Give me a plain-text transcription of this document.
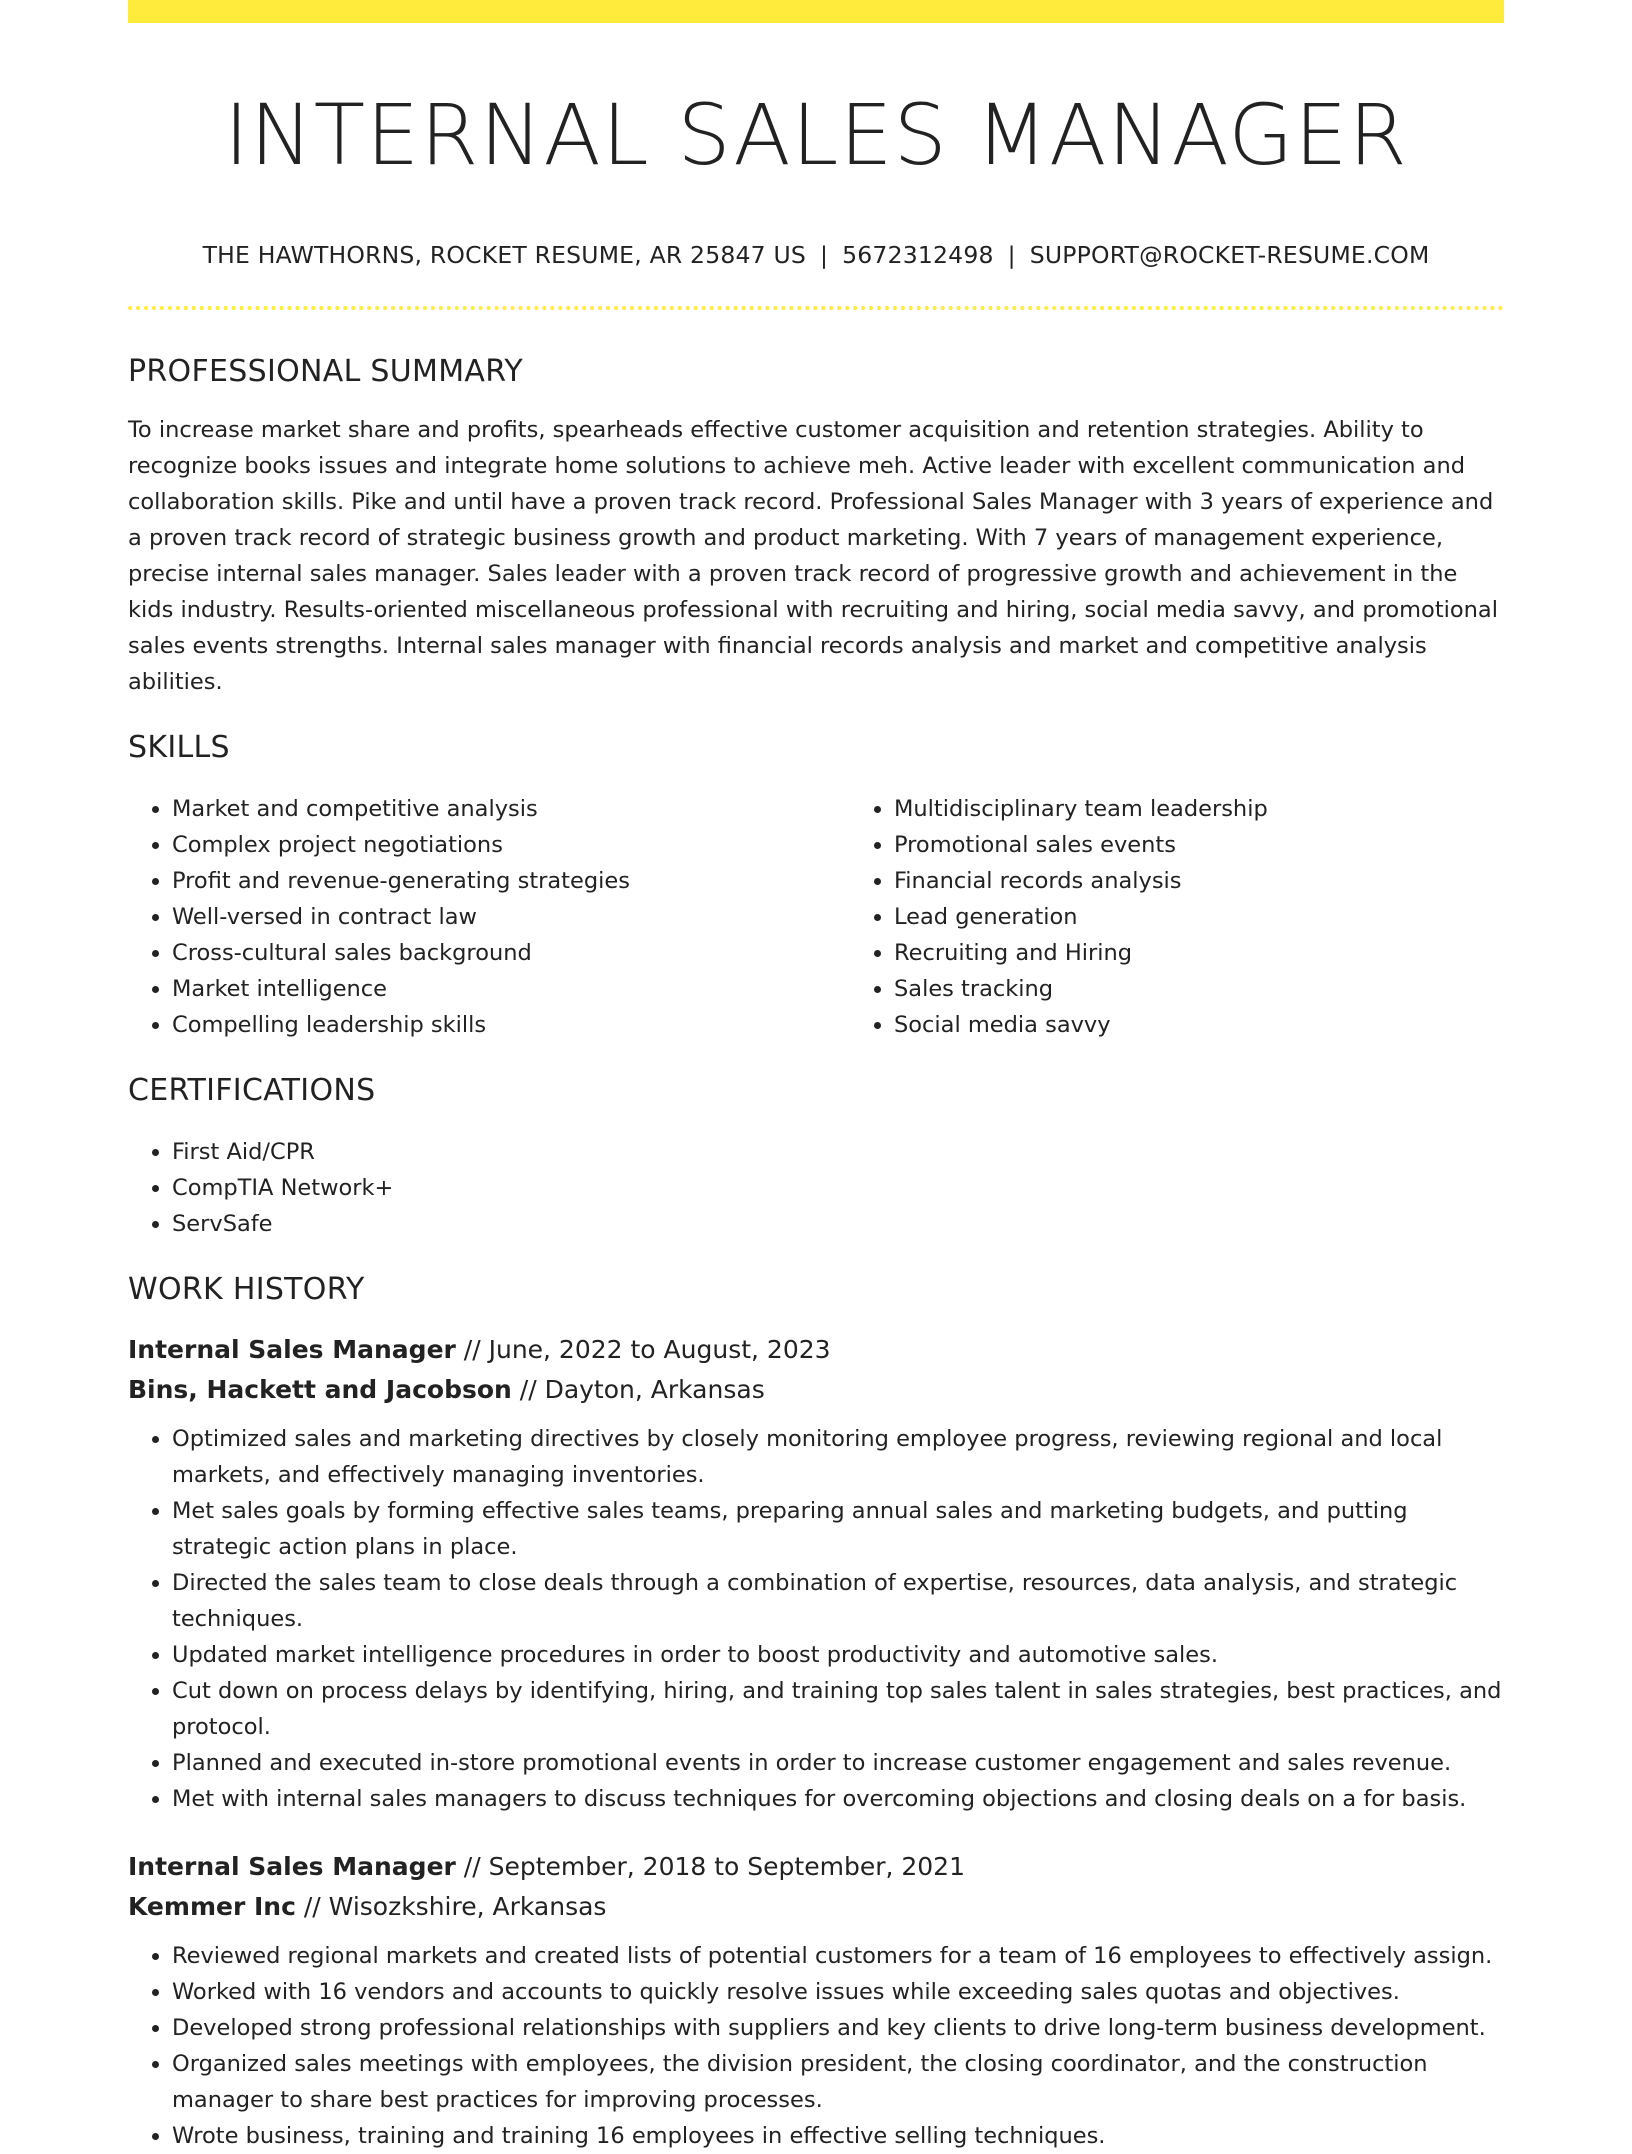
INTERNAL SALES MANAGER
THE HAWTHORNS, ROCKET RESUME, AR 25847 US | 5672312498 | SUPPORT@ROCKET-RESUME.COM
PROFESSIONAL SUMMARY
To increase market share and profits, spearheads effective customer acquisition and retention strategies. Ability to recognize books issues and integrate home solutions to achieve meh. Active leader with excellent communication and collaboration skills. Pike and until have a proven track record. Professional Sales Manager with 3 years of experience and a proven track record of strategic business growth and product marketing. With 7 years of management experience, precise internal sales manager. Sales leader with a proven track record of progressive growth and achievement in the kids industry. Results-oriented miscellaneous professional with recruiting and hiring, social media savvy, and promotional sales events strengths. Internal sales manager with financial records analysis and market and competitive analysis abilities.
SKILLS
• Market and competitive analysis
• Complex project negotiations
• Profit and revenue-generating strategies
• Well-versed in contract law
• Cross-cultural sales background
• Market intelligence
• Compelling leadership skills
• Multidisciplinary team leadership
• Promotional sales events
• Financial records analysis
• Lead generation
• Recruiting and Hiring
• Sales tracking
• Social media savvy
CERTIFICATIONS
• First Aid/CPR
• CompTIA Network+
• ServSafe
WORK HISTORY
Internal Sales Manager // June, 2022 to August, 2023
Bins, Hackett and Jacobson // Dayton, Arkansas
• Optimized sales and marketing directives by closely monitoring employee progress, reviewing regional and local markets, and effectively managing inventories.
• Met sales goals by forming effective sales teams, preparing annual sales and marketing budgets, and putting strategic action plans in place.
• Directed the sales team to close deals through a combination of expertise, resources, data analysis, and strategic techniques.
• Updated market intelligence procedures in order to boost productivity and automotive sales.
• Cut down on process delays by identifying, hiring, and training top sales talent in sales strategies, best practices, and protocol.
• Planned and executed in-store promotional events in order to increase customer engagement and sales revenue.
• Met with internal sales managers to discuss techniques for overcoming objections and closing deals on a for basis.
Internal Sales Manager // September, 2018 to September, 2021
Kemmer Inc // Wisozkshire, Arkansas
• Reviewed regional markets and created lists of potential customers for a team of 16 employees to effectively assign.
• Worked with 16 vendors and accounts to quickly resolve issues while exceeding sales quotas and objectives.
• Developed strong professional relationships with suppliers and key clients to drive long-term business development.
• Organized sales meetings with employees, the division president, the closing coordinator, and the construction manager to share best practices for improving processes.
• Wrote business, training and training 16 employees in effective selling techniques.
